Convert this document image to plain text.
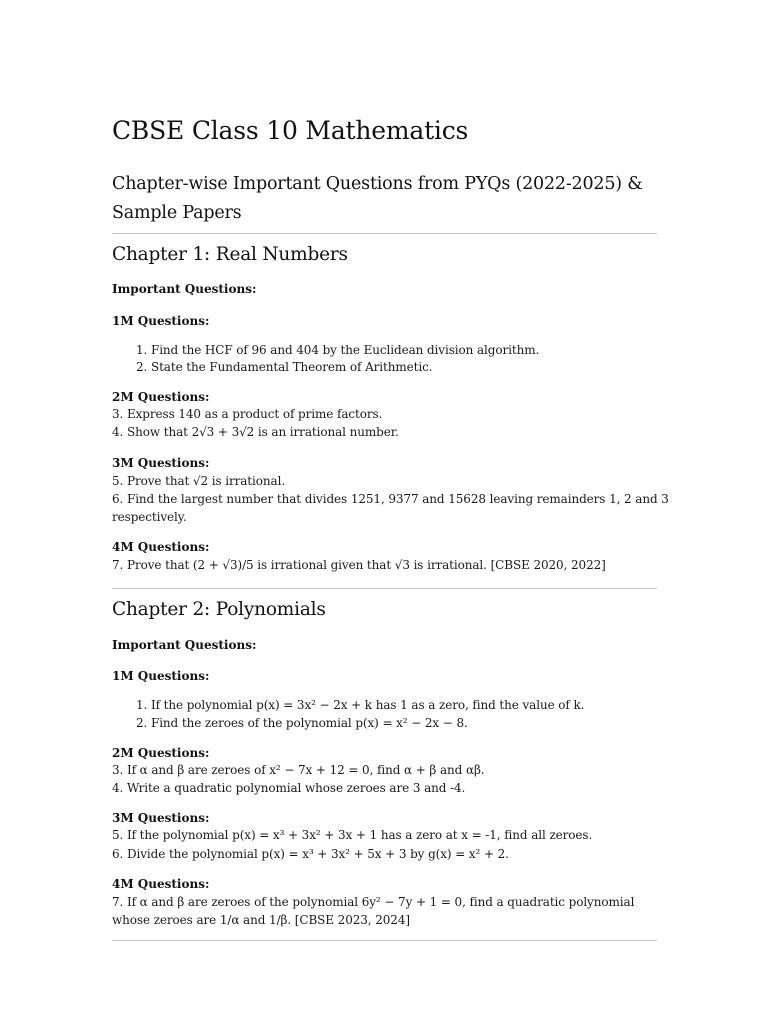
CBSE Class 10 Mathematics
Chapter-wise Important Questions from PYQs (2022-2025) & Sample Papers
Chapter 1: Real Numbers
Important Questions:
1M Questions:
1. Find the HCF of 96 and 404 by the Euclidean division algorithm.
2. State the Fundamental Theorem of Arithmetic.
2M Questions:
3. Express 140 as a product of prime factors.
4. Show that 2√3 + 3√2 is an irrational number.
3M Questions:
5. Prove that √2 is irrational.
6. Find the largest number that divides 1251, 9377 and 15628 leaving remainders 1, 2 and 3
respectively.
4M Questions:
7. Prove that (2 + √3)/5 is irrational given that √3 is irrational. [CBSE 2020, 2022]
Chapter 2: Polynomials
Important Questions:
1M Questions:
1. If the polynomial p(x) = 3x² − 2x + k has 1 as a zero, find the value of k.
2. Find the zeroes of the polynomial p(x) = x² − 2x − 8.
2M Questions:
3. If α and β are zeroes of x² − 7x + 12 = 0, find α + β and αβ.
4. Write a quadratic polynomial whose zeroes are 3 and -4.
3M Questions:
5. If the polynomial p(x) = x³ + 3x² + 3x + 1 has a zero at x = -1, find all zeroes.
6. Divide the polynomial p(x) = x³ + 3x² + 5x + 3 by g(x) = x² + 2.
4M Questions:
7. If α and β are zeroes of the polynomial 6y² − 7y + 1 = 0, find a quadratic polynomial
whose zeroes are 1/α and 1/β. [CBSE 2023, 2024]
